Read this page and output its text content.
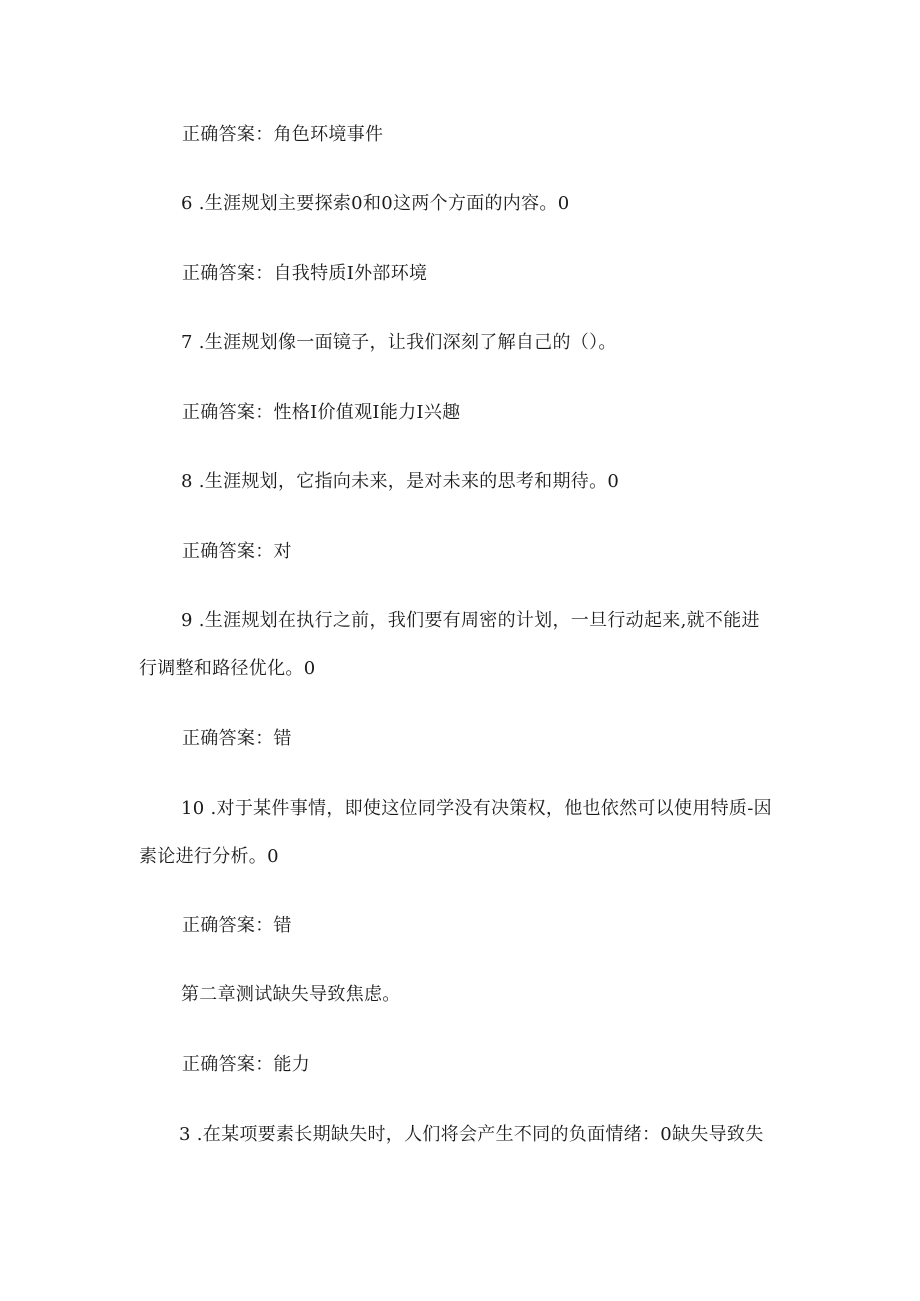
正确答案：角色环境事件
6 .生涯规划主要探索0和0这两个方面的内容。0
正确答案：自我特质I外部环境
7 .生涯规划像一面镜子，让我们深刻了解自己的（）。
正确答案：性格I价值观I能力I兴趣
8 .生涯规划，它指向未来，是对未来的思考和期待。0
正确答案：对
9 .生涯规划在执行之前，我们要有周密的计划，一旦行动起来,就不能进
行调整和路径优化。0
正确答案：错
10 .对于某件事情，即使这位同学没有决策权，他也依然可以使用特质-因
素论进行分析。0
正确答案：错
第二章测试缺失导致焦虑。
正确答案：能力
3 .在某项要素长期缺失时，人们将会产生不同的负面情绪：0缺失导致失
